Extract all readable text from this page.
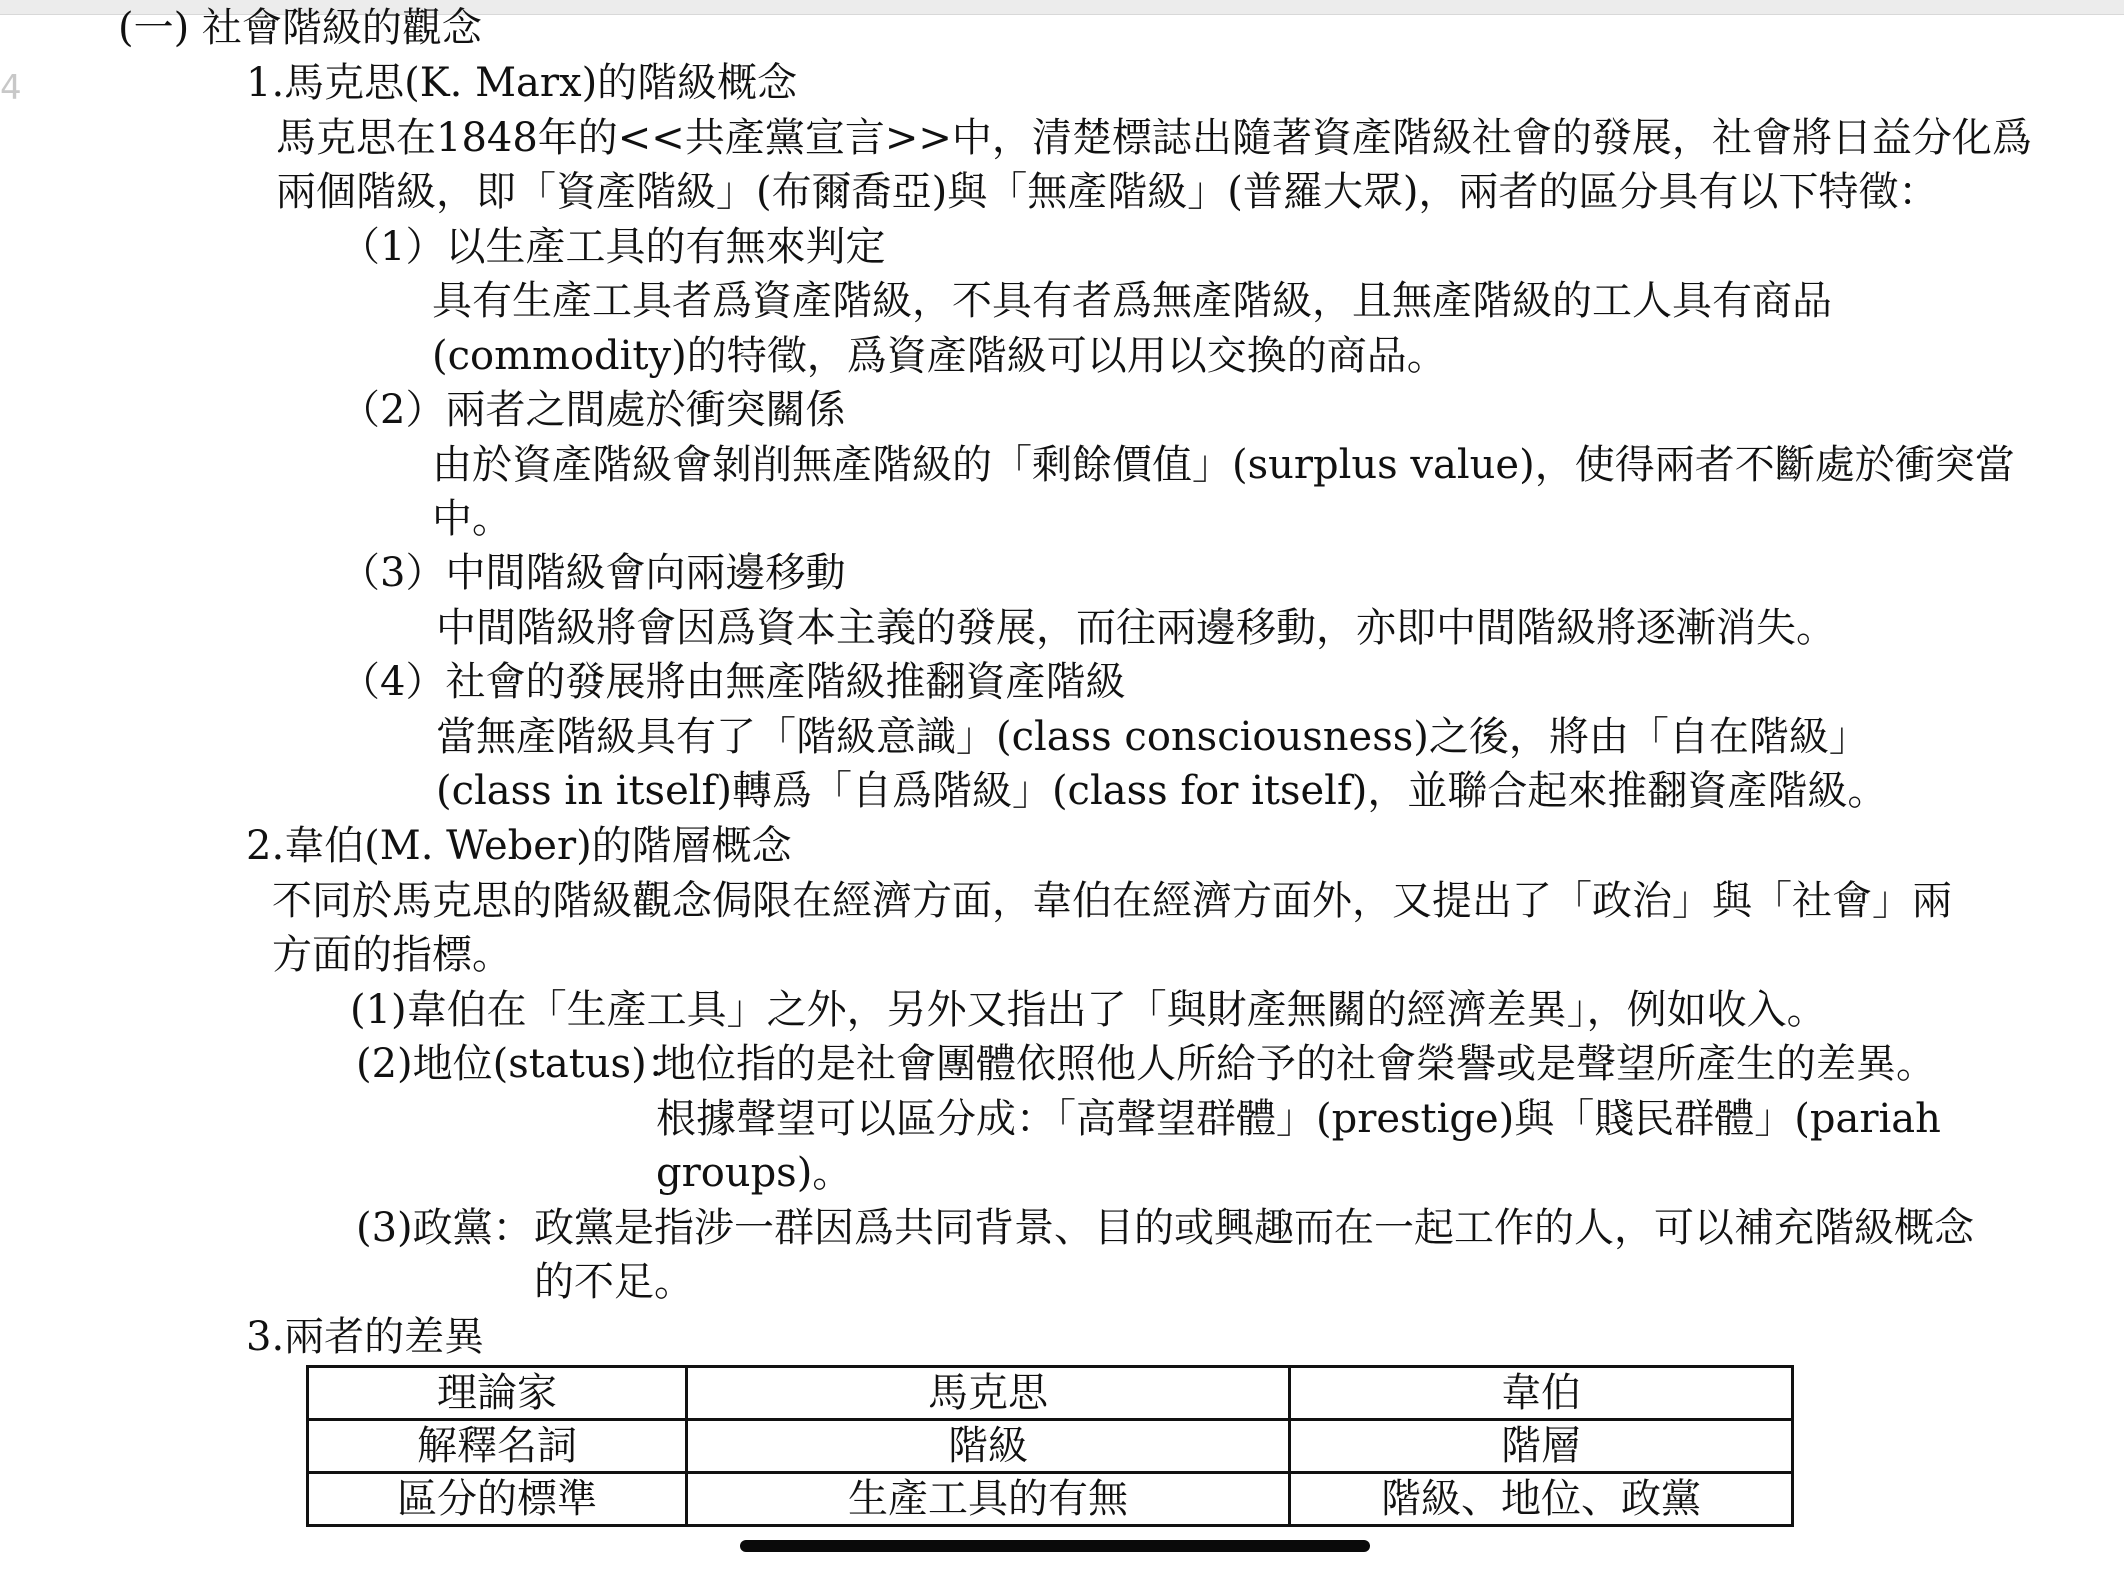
4
(一) 社會階級的觀念
1.馬克思(K. Marx)的階級概念
馬克思在1848年的<<共產黨宣言>>中，清楚標誌出隨著資產階級社會的發展，社會將日益分化爲
兩個階級，即「資產階級」(布爾喬亞)與「無產階級」(普羅大眾)，兩者的區分具有以下特徵：
（1）以生產工具的有無來判定
具有生產工具者爲資產階級，不具有者爲無產階級，且無產階級的工人具有商品
(commodity)的特徵，爲資產階級可以用以交換的商品。
（2）兩者之間處於衝突關係
由於資產階級會剝削無產階級的「剩餘價值」(surplus value)，使得兩者不斷處於衝突當
中。
（3）中間階級會向兩邊移動
中間階級將會因爲資本主義的發展，而往兩邊移動，亦即中間階級將逐漸消失。
（4）社會的發展將由無產階級推翻資產階級
當無產階級具有了「階級意識」(class consciousness)之後，將由「自在階級」
(class in itself)轉爲「自爲階級」(class for itself)，並聯合起來推翻資產階級。
2.韋伯(M. Weber)的階層概念
不同於馬克思的階級觀念侷限在經濟方面，韋伯在經濟方面外，又提出了「政治」與「社會」兩
方面的指標。
(1)韋伯在「生產工具」之外，另外又指出了「與財產無關的經濟差異」，例如收入。
(2)地位(status)：
地位指的是社會團體依照他人所給予的社會榮譽或是聲望所產生的差異。
根據聲望可以區分成：「高聲望群體」(prestige)與「賤民群體」(pariah
groups)。
(3)政黨： 政黨是指涉一群因爲共同背景、目的或興趣而在一起工作的人，可以補充階級概念
的不足。
3.兩者的差異
理論家	馬克思	韋伯
解釋名詞	階級	階層
區分的標準	生產工具的有無	階級、地位、政黨
